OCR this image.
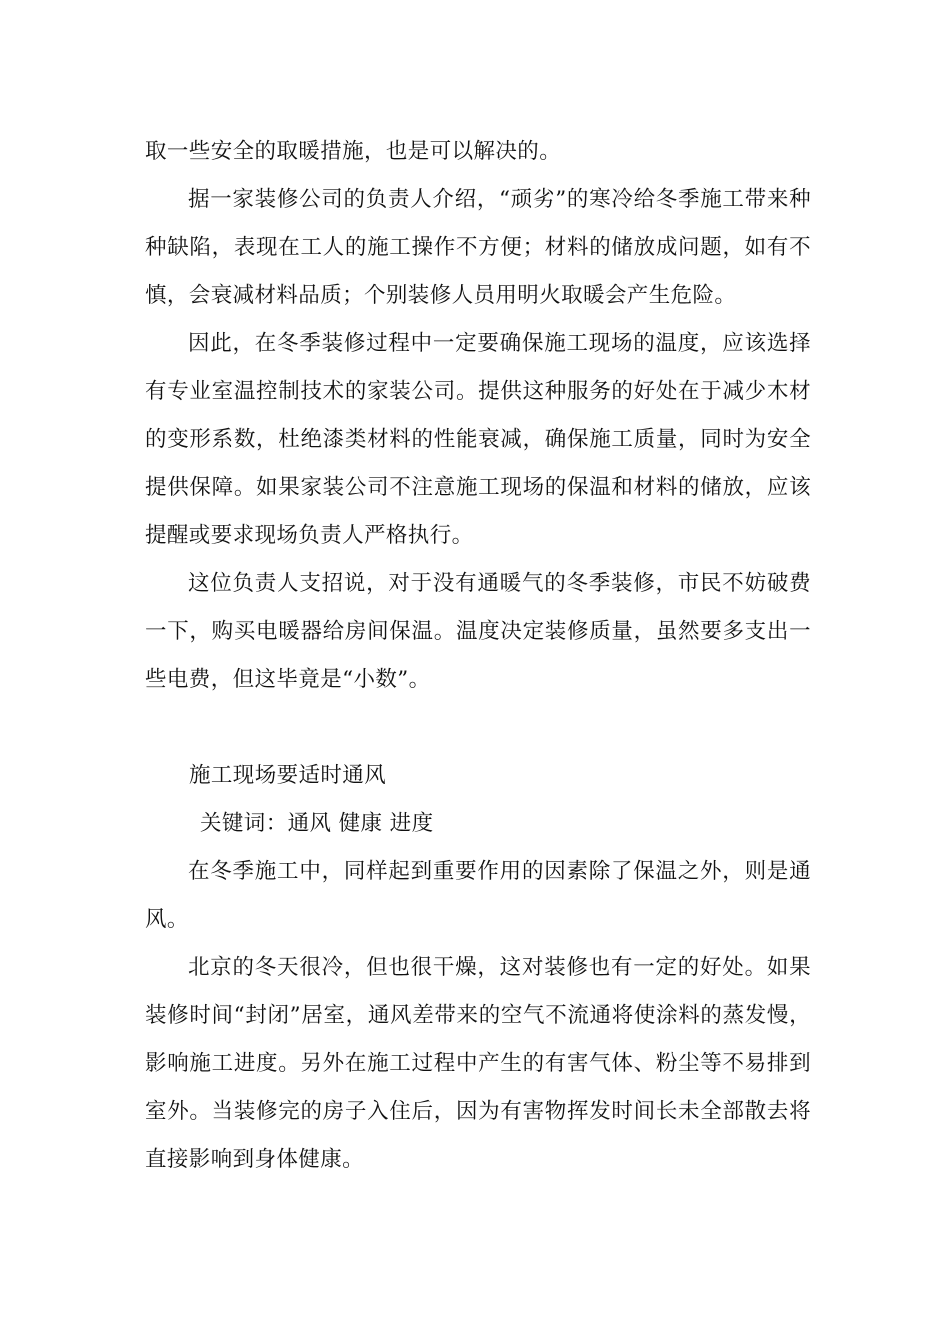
取一些安全的取暖措施，也是可以解决的。

据一家装修公司的负责人介绍，“顽劣”的寒冷给冬季施工带来种种缺陷，表现在工人的施工操作不方便；材料的储放成问题，如有不慎，会衰减材料品质；个别装修人员用明火取暖会产生危险。

因此，在冬季装修过程中一定要确保施工现场的温度，应该选择有专业室温控制技术的家装公司。提供这种服务的好处在于减少木材的变形系数，杜绝漆类材料的性能衰减，确保施工质量，同时为安全提供保障。如果家装公司不注意施工现场的保温和材料的储放，应该提醒或要求现场负责人严格执行。

这位负责人支招说，对于没有通暖气的冬季装修，市民不妨破费一下，购买电暖器给房间保温。温度决定装修质量，虽然要多支出一些电费，但这毕竟是“小数”。

施工现场要适时通风

关键词：通风 健康 进度

在冬季施工中，同样起到重要作用的因素除了保温之外，则是通风。

北京的冬天很冷，但也很干燥，这对装修也有一定的好处。如果装修时间“封闭”居室，通风差带来的空气不流通将使涂料的蒸发慢，影响施工进度。另外在施工过程中产生的有害气体、粉尘等不易排到室外。当装修完的房子入住后，因为有害物挥发时间长未全部散去将直接影响到身体健康。
